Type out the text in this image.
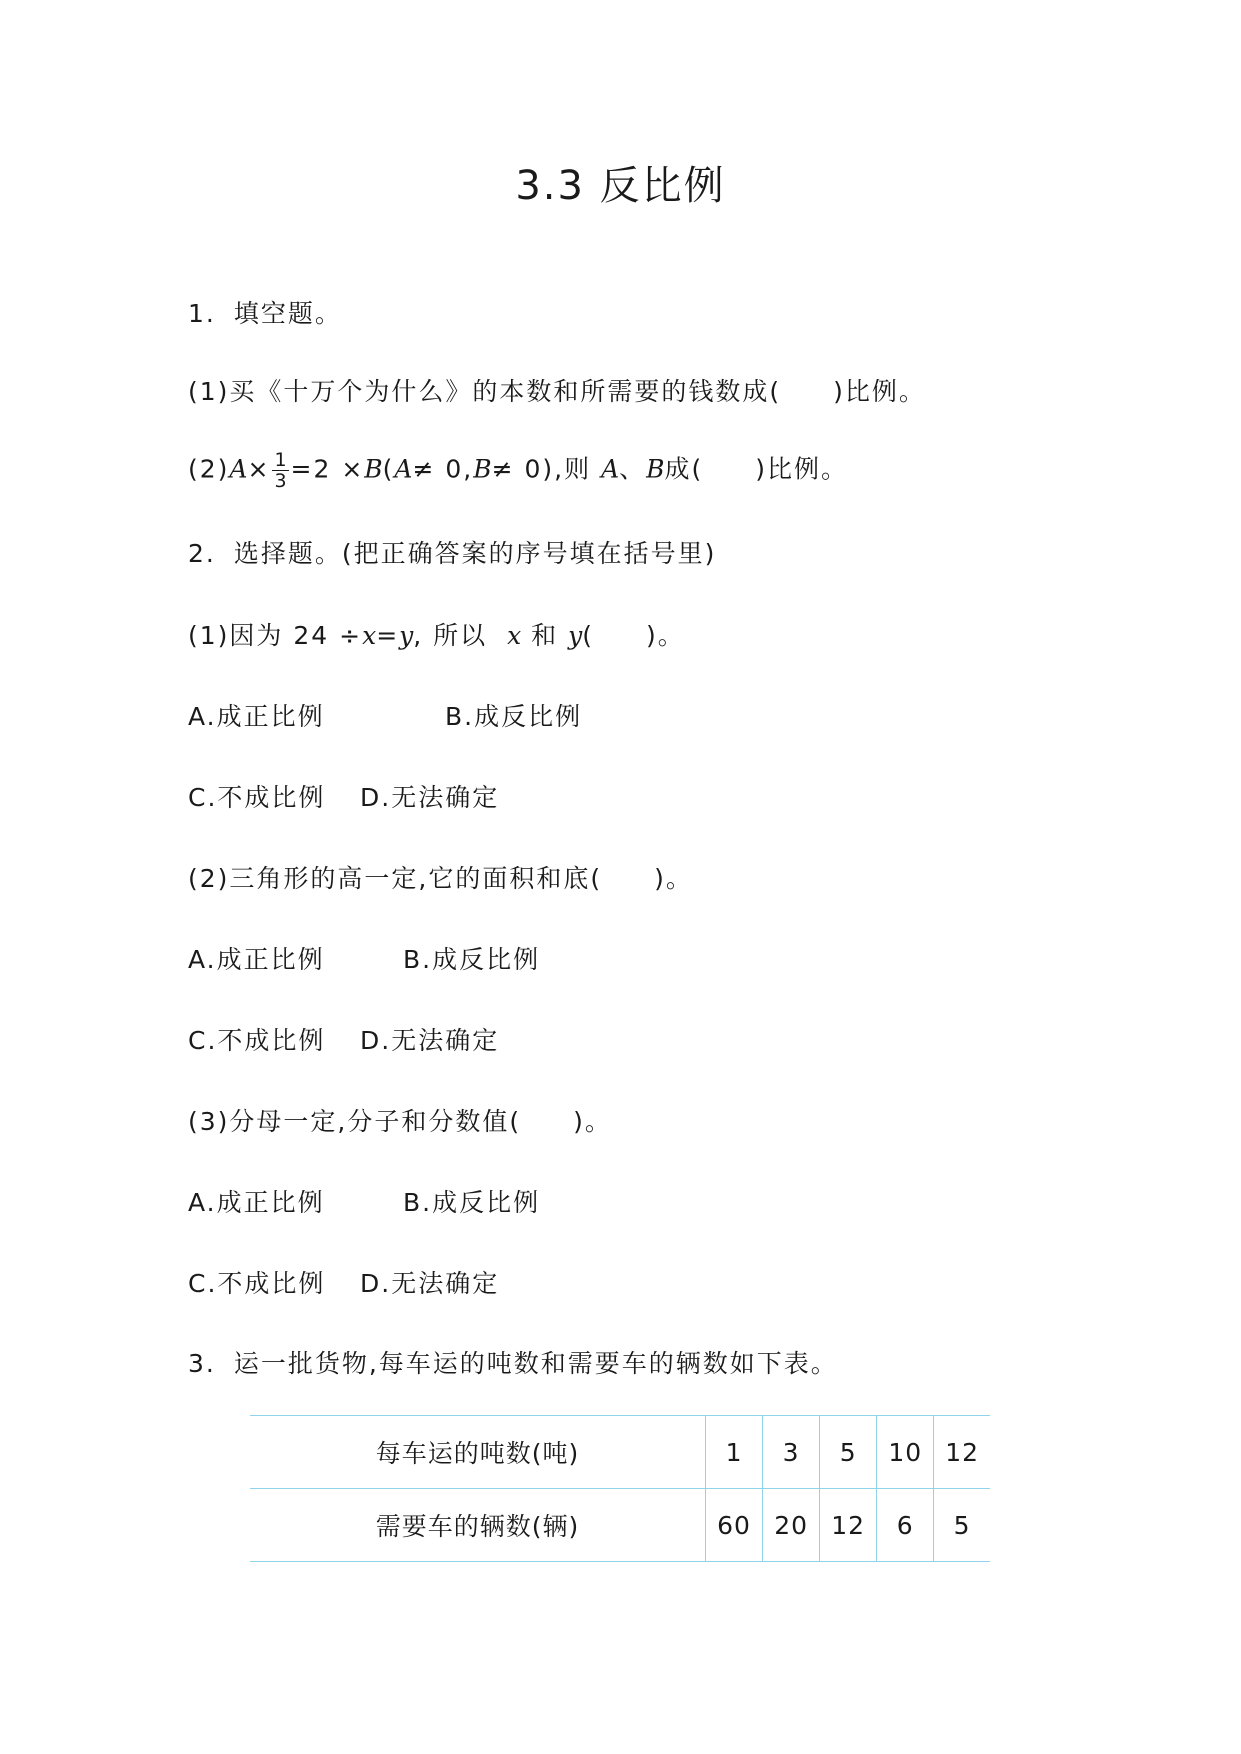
3.3 反比例
1. 填空题。
(1)买《十万个为什么》的本数和所需要的钱数成( )比例。
$(2)A\times \frac{1}{3} =2 \times B(A\ne 0,B\ne 0)$,则 A、B成( )比例。
2. 选择题。(把正确答案的序号填在括号里)
(1)因为 24 ÷x=y, 所以 x 和 y( )。
A.成正比例	B.成反比例
C.不成比例 D.无法确定
(2)三角形的高一定,它的面积和底( )。
A.成正比例	B.成反比例
C.不成比例 D.无法确定
(3)分母一定,分子和分数值( )。
A.成正比例	B.成反比例
C.不成比例 D.无法确定
3. 运一批货物,每车运的吨数和需要车的辆数如下表。
每车运的吨数(吨)	1	3	5	10	12
需要车的辆数(辆)	60	20	12	6	5
